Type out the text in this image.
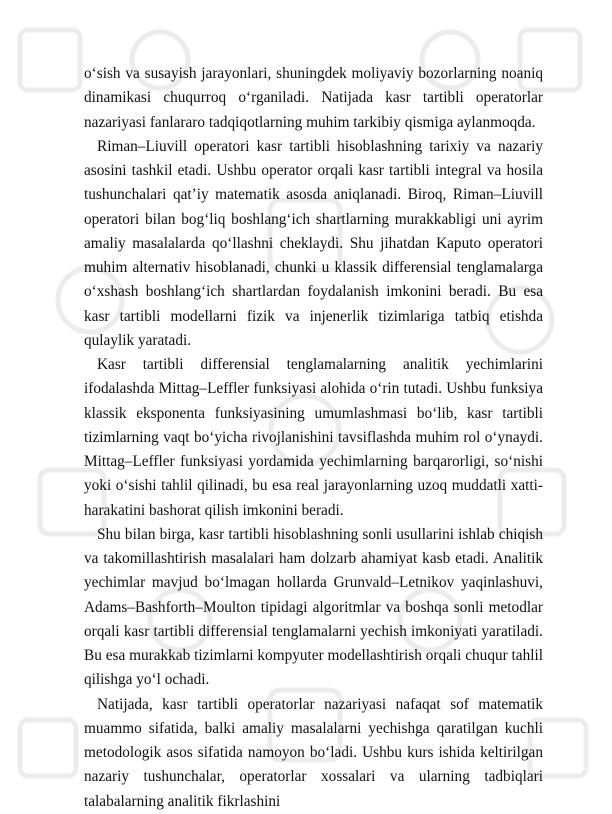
o‘sish va susayish jarayonlari, shuningdek moliyaviy bozorlarning noaniq dinamikasi chuqurroq o‘rganiladi. Natijada kasr tartibli operatorlar nazariyasi fanlararo tadqiqotlarning muhim tarkibiy qismiga aylanmoqda.

Riman–Liuvill operatori kasr tartibli hisoblashning tarixiy va nazariy asosini tashkil etadi. Ushbu operator orqali kasr tartibli integral va hosila tushunchalari qat’iy matematik asosda aniqlanadi. Biroq, Riman–Liuvill operatori bilan bog‘liq boshlang‘ich shartlarning murakkabligi uni ayrim amaliy masalalarda qo‘llashni cheklaydi. Shu jihatdan Kaputo operatori muhim alternativ hisoblanadi, chunki u klassik differensial tenglamalarga o‘xshash boshlang‘ich shartlardan foydalanish imkonini beradi. Bu esa kasr tartibli modellarni fizik va injenerlik tizimlariga tatbiq etishda qulaylik yaratadi.

Kasr tartibli differensial tenglamalarning analitik yechimlarini ifodalashda Mittag–Leffler funksiyasi alohida o‘rin tutadi. Ushbu funksiya klassik eksponenta funksiyasining umumlashmasi bo‘lib, kasr tartibli tizimlarning vaqt bo‘yicha rivojlanishini tavsiflashda muhim rol o‘ynaydi. Mittag–Leffler funksiyasi yordamida yechimlarning barqarorligi, so‘nishi yoki o‘sishi tahlil qilinadi, bu esa real jarayonlarning uzoq muddatli xatti-harakatini bashorat qilish imkonini beradi.

Shu bilan birga, kasr tartibli hisoblashning sonli usullarini ishlab chiqish va takomillashtirish masalalari ham dolzarb ahamiyat kasb etadi. Analitik yechimlar mavjud bo‘lmagan hollarda Grunvald–Letnikov yaqinlashuvi, Adams–Bashforth–Moulton tipidagi algoritmlar va boshqa sonli metodlar orqali kasr tartibli differensial tenglamalarni yechish imkoniyati yaratiladi. Bu esa murakkab tizimlarni kompyuter modellashtirish orqali chuqur tahlil qilishga yo‘l ochadi.

Natijada, kasr tartibli operatorlar nazariyasi nafaqat sof matematik muammo sifatida, balki amaliy masalalarni yechishga qaratilgan kuchli metodologik asos sifatida namoyon bo‘ladi. Ushbu kurs ishida keltirilgan nazariy tushunchalar, operatorlar xossalari va ularning tadbiqlari talabalarning analitik fikrlashini
